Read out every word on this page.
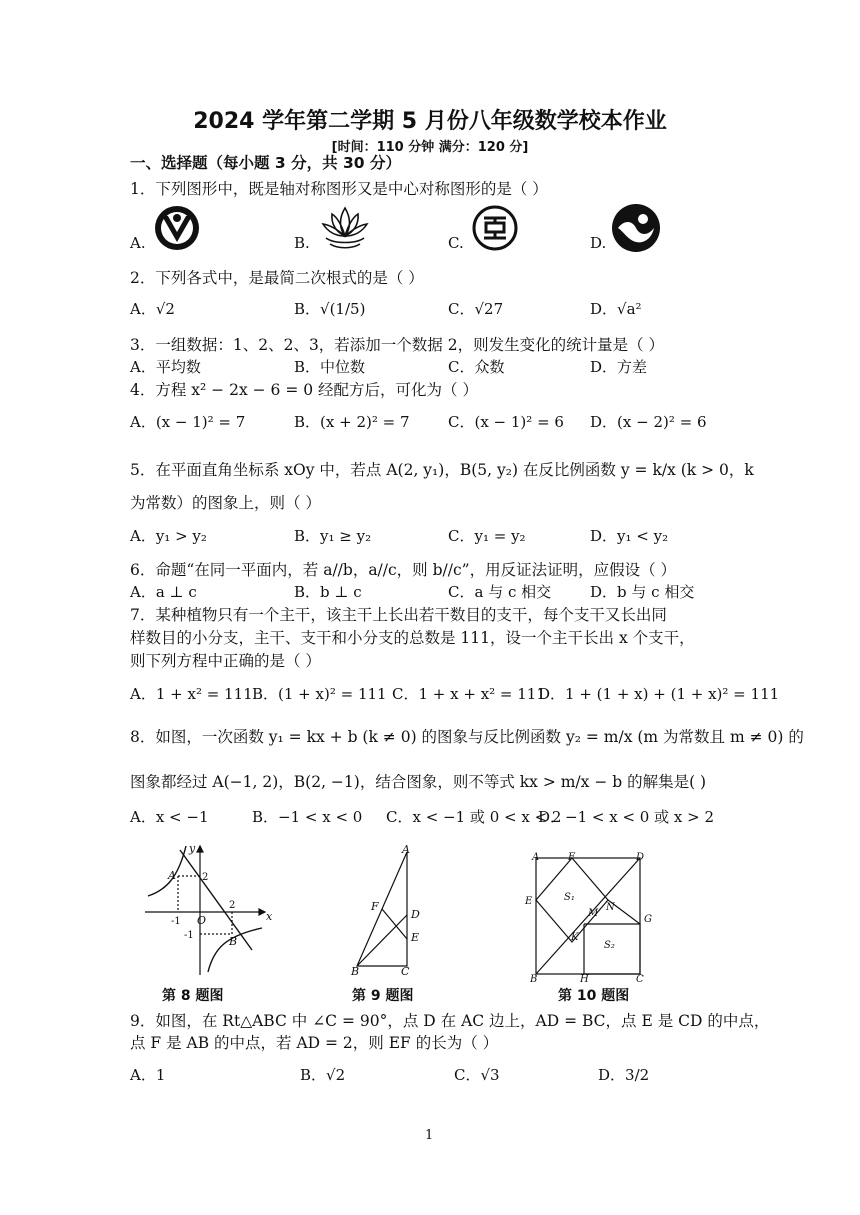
2024 学年第二学期 5 月份八年级数学校本作业
[时间：110 分钟 满分：120 分]
一、选择题（每小题 3 分，共 30 分）
1．下列图形中，既是轴对称图形又是中心对称图形的是（ ）
A.	B.	C.	D.
2．下列各式中，是最简二次根式的是（ ）
A．√2	B．√(1/5)	C．√27	D．√a²
3．一组数据：1、2、2、3，若添加一个数据 2，则发生变化的统计量是（ ）
A．平均数	B．中位数	C．众数	D．方差
4．方程 x² − 2x − 6 = 0 经配方后，可化为（ ）
A．(x − 1)² = 7	B．(x + 2)² = 7	C．(x − 1)² = 6 D．(x − 2)² = 6
5．在平面直角坐标系 xOy 中，若点 A(2, y₁)，B(5, y₂) 在反比例函数 y = k/x (k > 0，k
为常数）的图象上，则（ ）
A．y₁ > y₂	B．y₁ ≥ y₂	C．y₁ = y₂	D．y₁ < y₂
6．命题“在同一平面内，若 a//b，a//c，则 b//c”，用反证法证明，应假设（ ）
A．a ⊥ c	B．b ⊥ c	C．a 与 c 相交	D．b 与 c 相交
7．某种植物只有一个主干，该主干上长出若干数目的支干，每个支干又长出同
样数目的小分支，主干、支干和小分支的总数是 111，设一个主干长出 x 个支干，
则下列方程中正确的是（ ）
A．1 + x² = 111 B．(1 + x)² = 111 C．1 + x + x² = 111
D．1 + (1 + x) + (1 + x)² = 111
8．如图，一次函数 y₁ = kx + b (k ≠ 0) 的图象与反比例函数 y₂ = m/x (m 为常数且 m ≠ 0) 的
图象都经过 A(−1, 2)，B(2, −1)，结合图象，则不等式 kx > m/x − b 的解集是( )
A．x < −1	B．−1 < x < 0 C．x < −1 或 0 < x < 2
D．−1 < x < 0 或 x > 2
y
x
A
B
O
2
-1
2
-1
A
B	C
D
E
F
A	F	D
E	S₁
N
M
G
K
S₂
B	H	C
第 8 题图	第 9 题图	第 10 题图
9．如图，在 Rt△ABC 中 ∠C = 90°，点 D 在 AC 边上，AD = BC，点 E 是 CD 的中点，
点 F 是 AB 的中点，若 AD = 2，则 EF 的长为（ ）
A．1	B．√2	C．√3	D．3/2
1
